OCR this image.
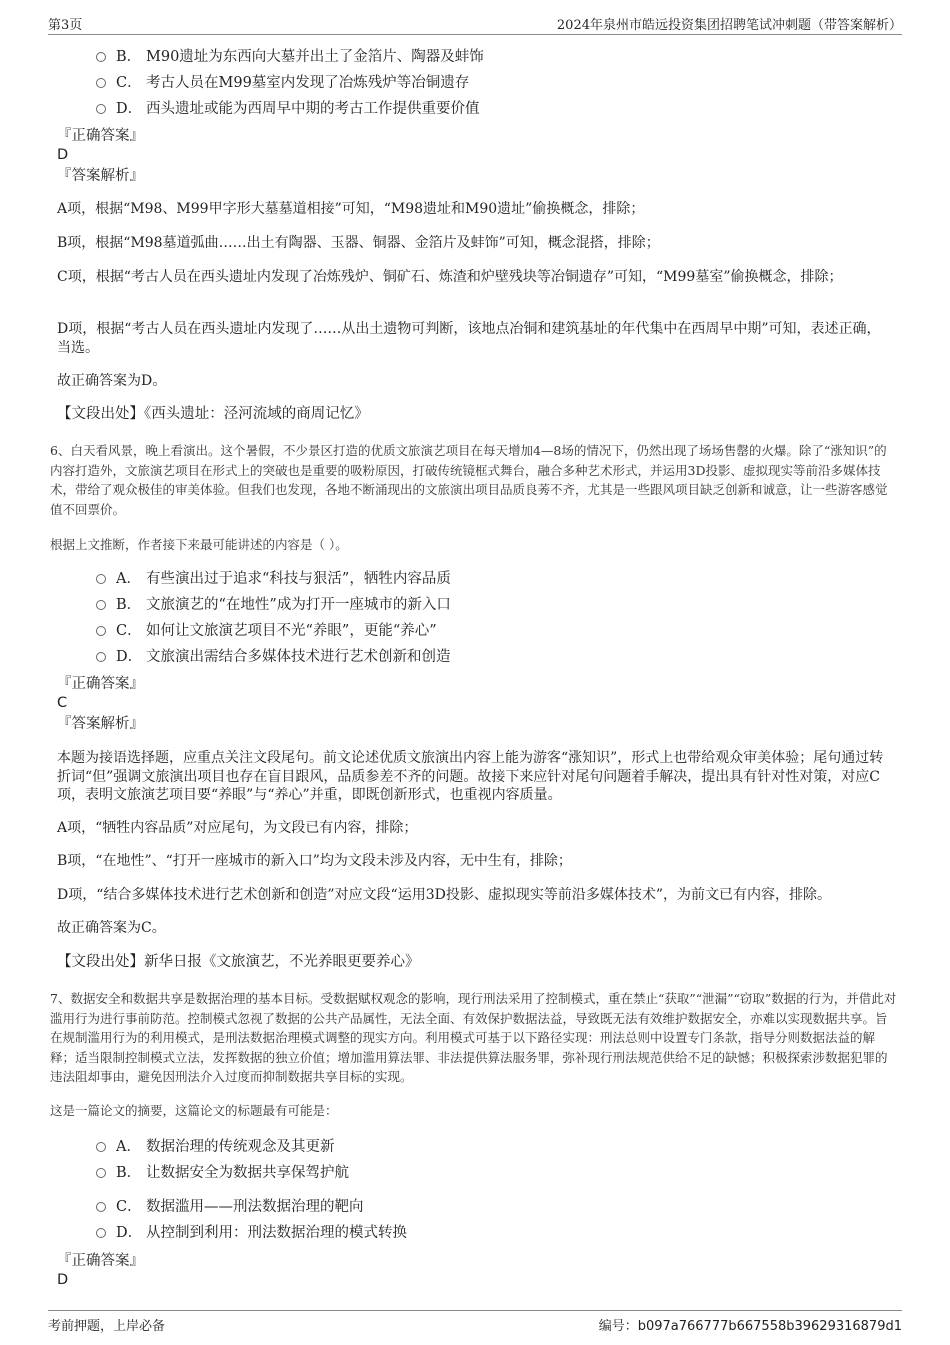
第3页	2024年泉州市皓远投资集团招聘笔试冲刺题（带答案解析）
B． M90遗址为东西向大墓并出土了金箔片、陶器及蚌饰
C． 考古人员在M99墓室内发现了冶炼残炉等冶铜遗存
D． 西头遗址或能为西周早中期的考古工作提供重要价值
『正确答案』
D
『答案解析』
A项，根据“M98、M99甲字形大墓墓道相接”可知，“M98遗址和M90遗址”偷换概念，排除；
B项，根据“M98墓道弧曲……出土有陶器、玉器、铜器、金箔片及蚌饰”可知，概念混搭，排除；
C项，根据“考古人员在西头遗址内发现了冶炼残炉、铜矿石、炼渣和炉壁残块等冶铜遗存”可知，“M99墓室”偷换概念，排除；
D项，根据“考古人员在西头遗址内发现了……从出土遗物可判断，该地点冶铜和建筑基址的年代集中在西周早中期”可知，表述正确，当选。
故正确答案为D。
【文段出处】《西头遗址：泾河流域的商周记忆》
6、白天看风景，晚上看演出。这个暑假，不少景区打造的优质文旅演艺项目在每天增加4—8场的情况下，仍然出现了场场售罄的火爆。除了“涨知识”的内容打造外，文旅演艺项目在形式上的突破也是重要的吸粉原因，打破传统镜框式舞台，融合多种艺术形式，并运用3D投影、虚拟现实等前沿多媒体技术，带给了观众极佳的审美体验。但我们也发现，各地不断涌现出的文旅演出项目品质良莠不齐，尤其是一些跟风项目缺乏创新和诚意，让一些游客感觉值不回票价。
根据上文推断，作者接下来最可能讲述的内容是（ ）。
A． 有些演出过于追求“科技与狠活”，牺牲内容品质
B． 文旅演艺的“在地性”成为打开一座城市的新入口
C． 如何让文旅演艺项目不光“养眼”，更能“养心”
D． 文旅演出需结合多媒体技术进行艺术创新和创造
『正确答案』
C
『答案解析』
本题为接语选择题，应重点关注文段尾句。前文论述优质文旅演出内容上能为游客“涨知识”，形式上也带给观众审美体验；尾句通过转折词“但”强调文旅演出项目也存在盲目跟风，品质参差不齐的问题。故接下来应针对尾句问题着手解决，提出具有针对性对策，对应C项，表明文旅演艺项目要“养眼”与“养心”并重，即既创新形式，也重视内容质量。
A项，“牺牲内容品质”对应尾句，为文段已有内容，排除；
B项，“在地性”、“打开一座城市的新入口”均为文段未涉及内容，无中生有，排除；
D项，“结合多媒体技术进行艺术创新和创造”对应文段“运用3D投影、虚拟现实等前沿多媒体技术”，为前文已有内容，排除。
故正确答案为C。
【文段出处】新华日报《文旅演艺，不光养眼更要养心》
7、数据安全和数据共享是数据治理的基本目标。受数据赋权观念的影响，现行刑法采用了控制模式，重在禁止“获取”“泄漏”“窃取”数据的行为，并借此对滥用行为进行事前防范。控制模式忽视了数据的公共产品属性，无法全面、有效保护数据法益，导致既无法有效维护数据安全，亦难以实现数据共享。旨在规制滥用行为的利用模式，是刑法数据治理模式调整的现实方向。利用模式可基于以下路径实现：刑法总则中设置专门条款，指导分则数据法益的解释；适当限制控制模式立法，发挥数据的独立价值；增加滥用算法罪、非法提供算法服务罪，弥补现行刑法规范供给不足的缺憾；积极探索涉数据犯罪的违法阻却事由，避免因刑法介入过度而抑制数据共享目标的实现。
这是一篇论文的摘要，这篇论文的标题最有可能是：
A． 数据治理的传统观念及其更新
B． 让数据安全为数据共享保驾护航
C． 数据滥用——刑法数据治理的靶向
D． 从控制到利用：刑法数据治理的模式转换
『正确答案』
D
考前押题，上岸必备	编号：b097a766777b667558b39629316879d1
